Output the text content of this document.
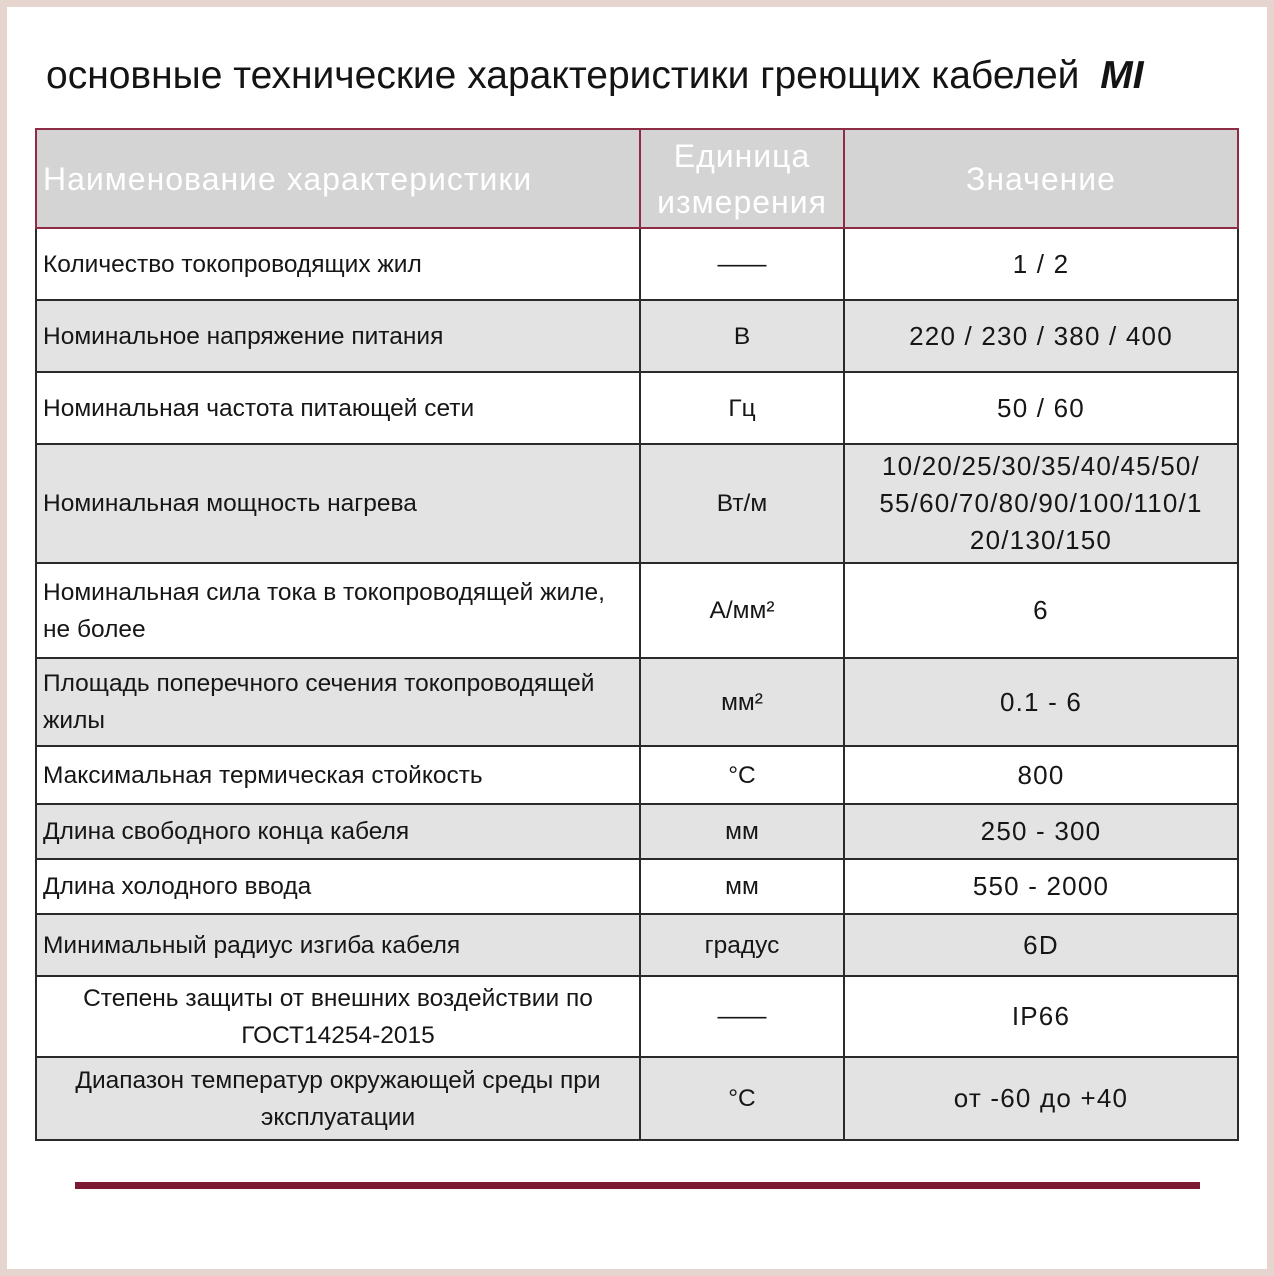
основные технические характеристики греющих кабелей MI
Наименование характеристики	Единица измерения	Значение
Количество токопроводящих жил	——	1 / 2
Номинальное напряжение питания	В	220 / 230 / 380 / 400
Номинальная частота питающей сети	Гц	50 / 60
Номинальная мощность нагрева	Вт/м	10/20/25/30/35/40/45/50/ 55/60/70/80/90/100/110/1 20/130/150
Номинальная сила тока в токопроводящей жиле, не более	А/мм²	6
Площадь поперечного сечения токопроводящей жилы	мм²	0.1 - 6
Максимальная термическая стойкость	°С	800
Длина свободного конца кабеля	мм	250 - 300
Длина холодного ввода	мм	550 - 2000
Минимальный радиус изгиба кабеля	градус	6D
Степень защиты от внешних воздействии по ГОСТ14254-2015	——	IP66
Диапазон температур окружающей среды при эксплуатации	°С	от -60 до +40
